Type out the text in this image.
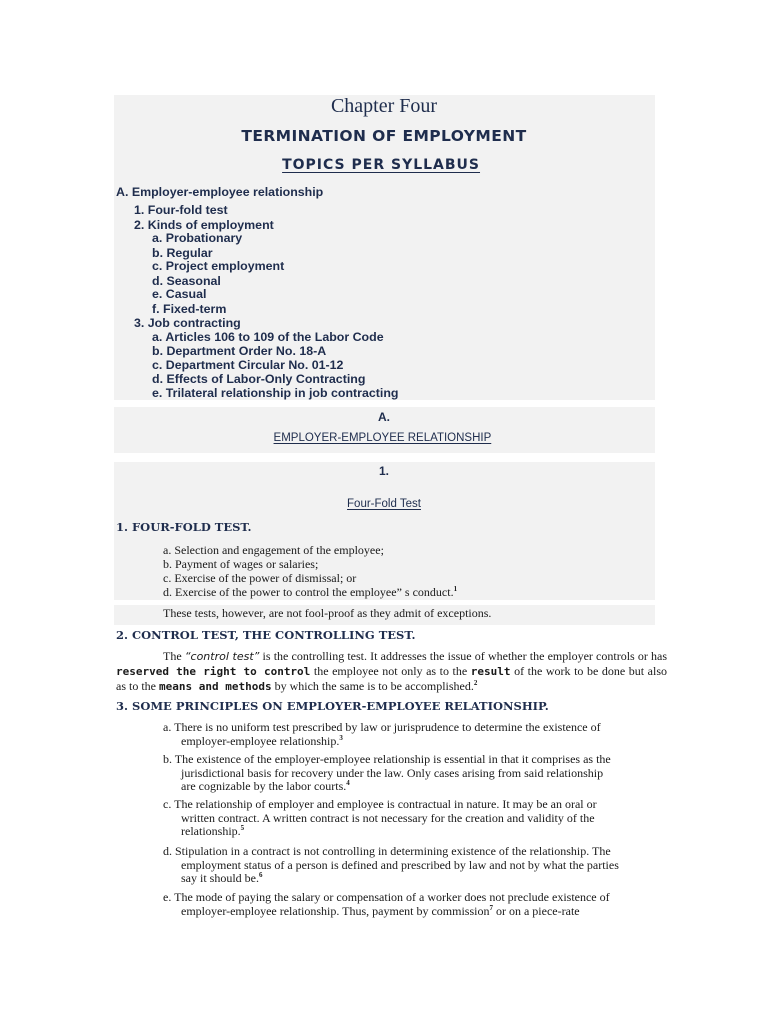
Chapter Four
TERMINATION OF EMPLOYMENT
TOPICS PER SYLLABUS
A. Employer-employee relationship
1. Four-fold test
2. Kinds of employment
a. Probationary
b. Regular
c. Project employment
d. Seasonal
e. Casual
f. Fixed-term
3. Job contracting
a. Articles 106 to 109 of the Labor Code
b. Department Order No. 18-A
c. Department Circular No. 01-12
d. Effects of Labor-Only Contracting
e. Trilateral relationship in job contracting
A.
EMPLOYER-EMPLOYEE RELATIONSHIP
1.
Four-Fold Test
1. FOUR-FOLD TEST.
a. Selection and engagement of the employee;
b. Payment of wages or salaries;
c. Exercise of the power of dismissal; or
d. Exercise of the power to control the employee” s conduct.$^1$
These tests, however, are not fool-proof as they admit of exceptions.
2. CONTROL TEST, THE CONTROLLING TEST.
The “control test” is the controlling test. It addresses the issue of whether the employer controls or has reserved the right to control the employee not only as to the result of the work to be done but also as to the means and methods by which the same is to be accomplished.$^2$
3. SOME PRINCIPLES ON EMPLOYER-EMPLOYEE RELATIONSHIP.
a. There is no uniform test prescribed by law or jurisprudence to determine the existence of
employer-employee relationship.$^3$
b. The existence of the employer-employee relationship is essential in that it comprises as the
jurisdictional basis for recovery under the law. Only cases arising from said relationship
are cognizable by the labor courts.$^4$
c. The relationship of employer and employee is contractual in nature. It may be an oral or
written contract. A written contract is not necessary for the creation and validity of the
relationship.$^5$
d. Stipulation in a contract is not controlling in determining existence of the relationship. The
employment status of a person is defined and prescribed by law and not by what the parties
say it should be.$^6$
e. The mode of paying the salary or compensation of a worker does not preclude existence of
employer-employee relationship. Thus, payment by commission$^7$ or on a piece-rate
